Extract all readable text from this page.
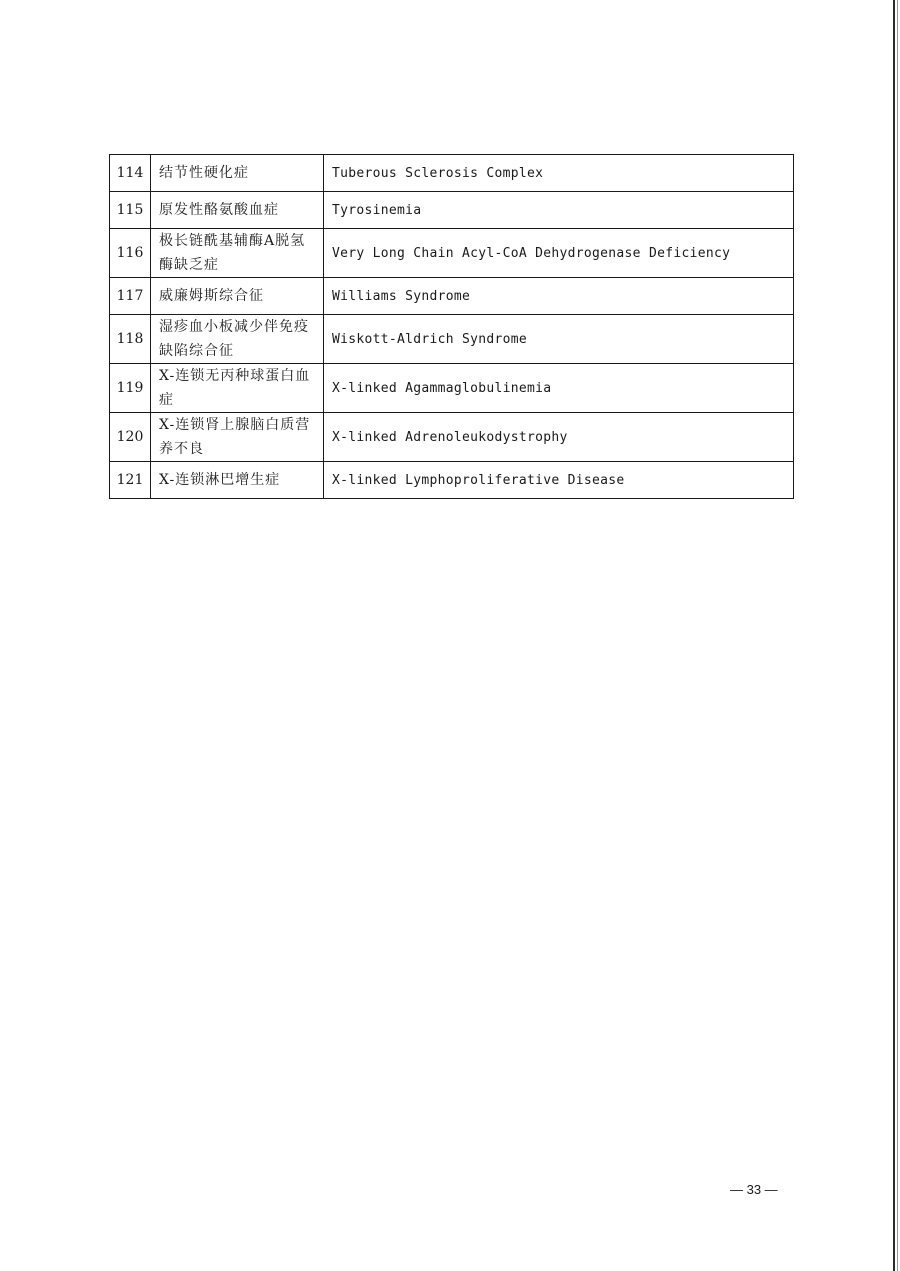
114	结节性硬化症	Tuberous Sclerosis Complex
115	原发性酪氨酸血症	Tyrosinemia
116	极长链酰基辅酶A脱氢酶缺乏症	Very Long Chain Acyl-CoA Dehydrogenase Deficiency
117	威廉姆斯综合征	Williams Syndrome
118	湿疹血小板减少伴免疫缺陷综合征	Wiskott-Aldrich Syndrome
119	X-连锁无丙种球蛋白血症	X-linked Agammaglobulinemia
120	X-连锁肾上腺脑白质营养不良	X-linked Adrenoleukodystrophy
121	X-连锁淋巴增生症	X-linked Lymphoproliferative Disease
— 33 —
